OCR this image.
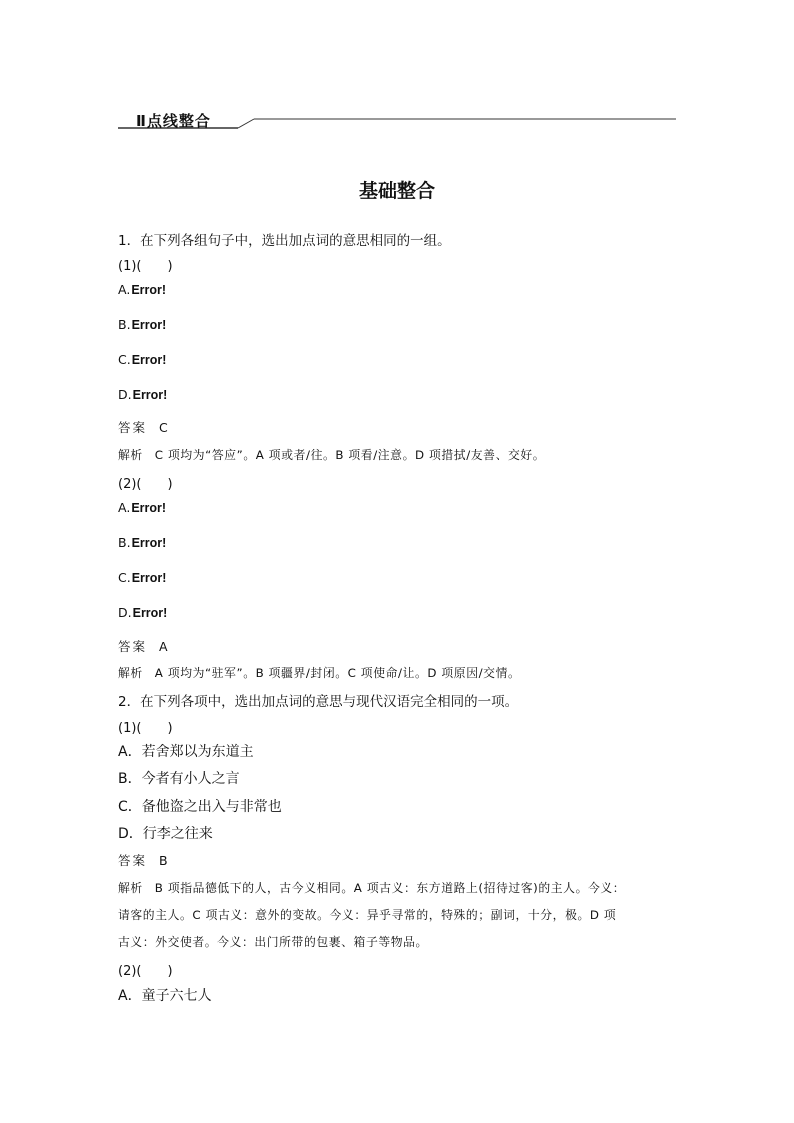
Ⅱ点线整合
基础整合
1．在下列各组句子中，选出加点词的意思相同的一组。
(1)(　　)
A.Error!
B.Error!
C.Error!
D.Error!
答案 C
解析 C 项均为“答应”。A 项或者/往。B 项看/注意。D 项措拭/友善、交好。
(2)(　　)
A.Error!
B.Error!
C.Error!
D.Error!
答案 A
解析 A 项均为“驻军”。B 项疆界/封闭。C 项使命/让。D 项原因/交情。
2．在下列各项中，选出加点词的意思与现代汉语完全相同的一项。
(1)(　　)
A．若舍郑以为东道主
B．今者有小人之言
C．备他盗之出入与非常也
D．行李之往来
答案 B
解析 B 项指品德低下的人，古今义相同。A 项古义：东方道路上(招待过客)的主人。今义：
请客的主人。C 项古义：意外的变故。今义：异乎寻常的，特殊的；副词，十分，极。D 项
古义：外交使者。今义：出门所带的包裹、箱子等物品。
(2)(　　)
A．童子六七人
